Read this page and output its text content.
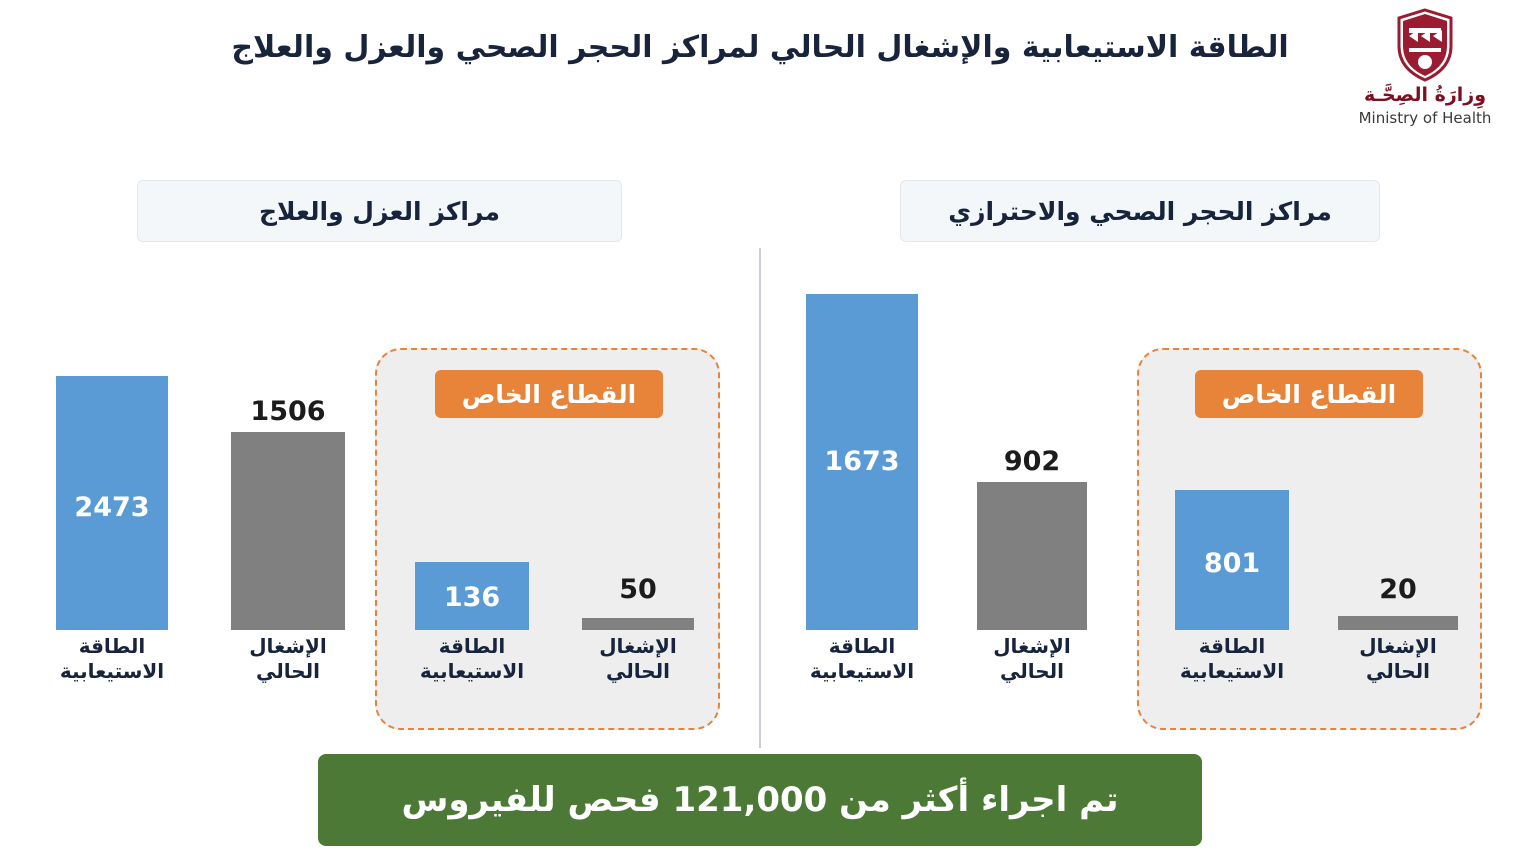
الطاقة الاستيعابية والإشغال الحالي لمراكز الحجر الصحي والعزل والعلاج
وِزارَةُ الصِحَّـة
Ministry of Health
مراكز الحجر الصحي والاحترازي
مراكز العزل والعلاج
القطاع الخاص
القطاع الخاص
20
الإشغال
الحالي
801
الطاقة
الاستيعابية
902
الإشغال
الحالي
1673
الطاقة
الاستيعابية
50
الإشغال
الحالي
136
الطاقة
الاستيعابية
1506
الإشغال
الحالي
2473
الطاقة
الاستيعابية
تم اجراء أكثر من 121,000 فحص للفيروس
